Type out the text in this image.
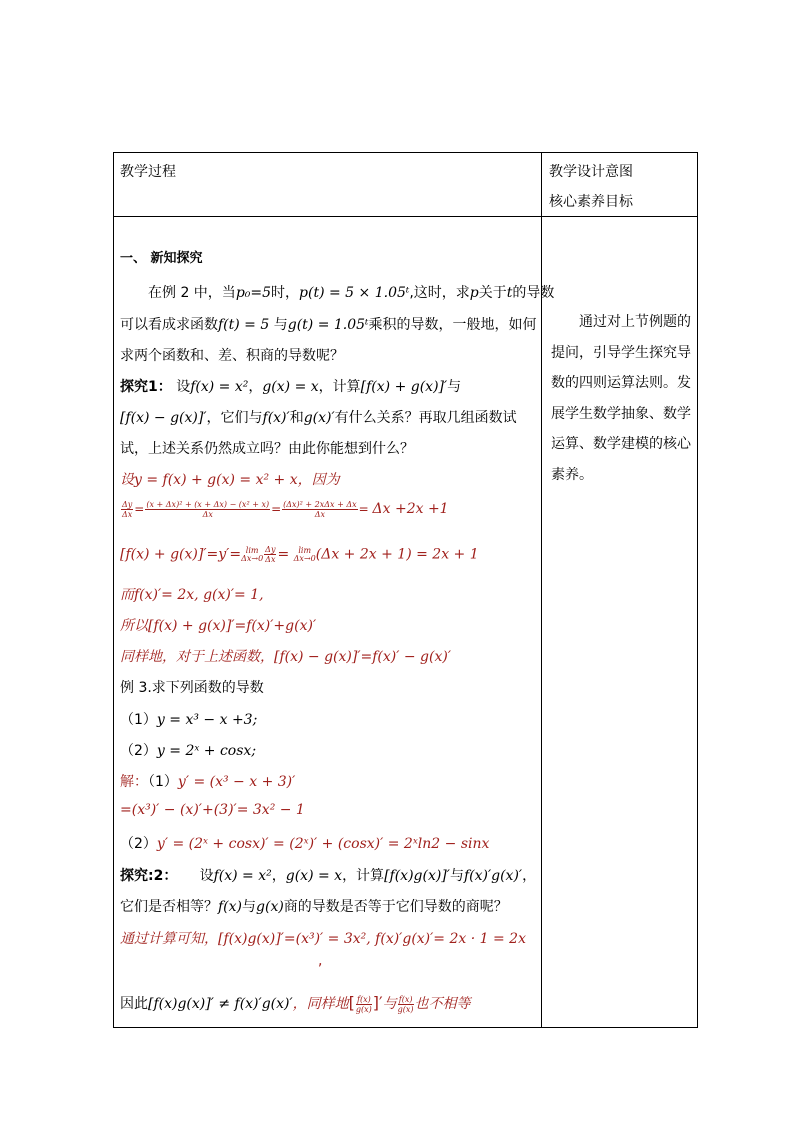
教学过程	教学设计意图
核心素养目标
一、 新知探究
在例 2 中，当p₀=5时，p(t) = 5 × 1.05ᵗ,这时，求p关于t的导数
可以看成求函数f(t) = 5 与g(t) = 1.05ᵗ乘积的导数，一般地，如何
求两个函数和、差、积商的导数呢？
探究1： 设f(x) = x²，g(x) = x，计算[f(x) + g(x)]′与
[f(x) − g(x)]′，它们与f(x)′和g(x)′有什么关系？再取几组函数试
试，上述关系仍然成立吗？由此你能想到什么？
设y = f(x) + g(x) = x² + x，因为
$\frac{\Delta y}{\Delta x} = \frac{\text{(x + Δx)² + (x + Δx) − (x² + x)}}{\Delta x} = \frac{\text{(Δx)² + 2xΔx + Δx}}{\Delta x} = \Delta x +2x +1$
[f(x) + g(x)]′=y′= lim
$\Delta x\to 0 \frac{\Delta y}{\Delta x} = \lim$
Δx→0 (Δx + 2x + 1) = 2x + 1
而f(x)′= 2x, g(x)′= 1,
所以[f(x) + g(x)]′=f(x)′+g(x)′
同样地，对于上述函数，[f(x) − g(x)]′=f(x)′ − g(x)′
例 3.求下列函数的导数
（1）y = x³ − x +3;
（2）y = 2ˣ + cosx;
解：（1）y′ = (x³ − x + 3)′
=(x³)′ − (x)′+(3)′= 3x² − 1
（2）y′ = (2ˣ + cosx)′ = (2ˣ)′ + (cosx)′ = 2ˣln2 − sinx
探究:2： 设f(x) = x²，g(x) = x，计算[f(x)g(x)]′与f(x)′g(x)′，
它们是否相等？f(x)与g(x)商的导数是否等于它们导数的商呢？
通过计算可知，[f(x)g(x)]′=(x³)′ = 3x², f(x)′g(x)′= 2x · 1 = 2x
,
因此[f(x)g(x)]′ ≠ f(x)′g(x)′，同样地[ $\frac{f(x)}{g(x)}$ ]′与 $\frac{f(x)}{g(x)}$ 也不相等
通过对上节例题的提问，引导学生探究导数的四则运算法则。发展学生数学抽象、数学运算、数学建模的核心素养。
